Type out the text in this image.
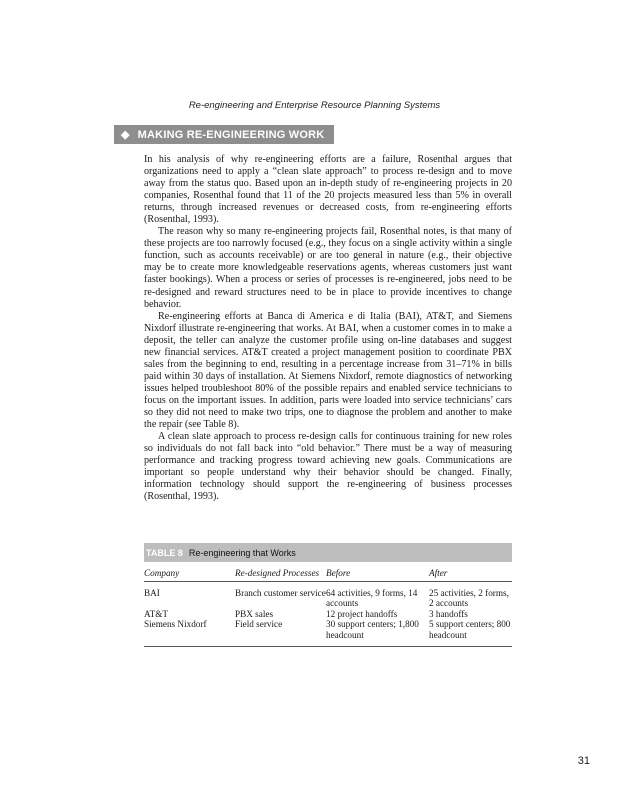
Re-engineering and Enterprise Resource Planning Systems
◆ MAKING RE-ENGINEERING WORK

In his analysis of why re-engineering efforts are a failure, Rosenthal argues that organizations need to apply a “clean slate approach” to process re-design and to move away from the status quo. Based upon an in-depth study of re-engineering projects in 20 companies, Rosenthal found that 11 of the 20 projects measured less than 5% in overall returns, through increased revenues or decreased costs, from re-engineering efforts (Rosenthal, 1993).

The reason why so many re-engineering projects fail, Rosenthal notes, is that many of these projects are too narrowly focused (e.g., they focus on a single activity within a single function, such as accounts receivable) or are too general in nature (e.g., their objective may be to create more knowledgeable reservations agents, whereas customers just want faster bookings). When a process or series of processes is re-engineered, jobs need to be re-designed and reward structures need to be in place to provide incentives to change behavior.

Re-engineering efforts at Banca di America e di Italia (BAI), AT&T, and Siemens Nixdorf illustrate re-engineering that works. At BAI, when a customer comes in to make a deposit, the teller can analyze the customer profile using on-line databases and suggest new financial services. AT&T created a project management position to coordinate PBX sales from the beginning to end, resulting in a percentage increase from 31–71% in bills paid within 30 days of installation. At Siemens Nixdorf, remote diagnostics of networking issues helped troubleshoot 80% of the possible repairs and enabled service technicians to focus on the important issues. In addition, parts were loaded into service technicians’ cars so they did not need to make two trips, one to diagnose the problem and another to make the repair (see Table 8).

A clean slate approach to process re-design calls for continuous training for new roles so individuals do not fall back into “old behavior.” There must be a way of measuring performance and tracking progress toward achieving new goals. Communications are important so people understand why their behavior should be changed. Finally, information technology should support the re-engineering of business processes (Rosenthal, 1993).

TABLE 8 Re-engineering that Works
Company	Re-designed Processes	Before	After
BAI	Branch customer service	64 activities, 9 forms, 14 accounts	25 activities, 2 forms, 2 accounts
AT&T	PBX sales	12 project handoffs	3 handoffs
Siemens Nixdorf	Field service	30 support centers; 1,800 headcount	5 support centers; 800 headcount
31
